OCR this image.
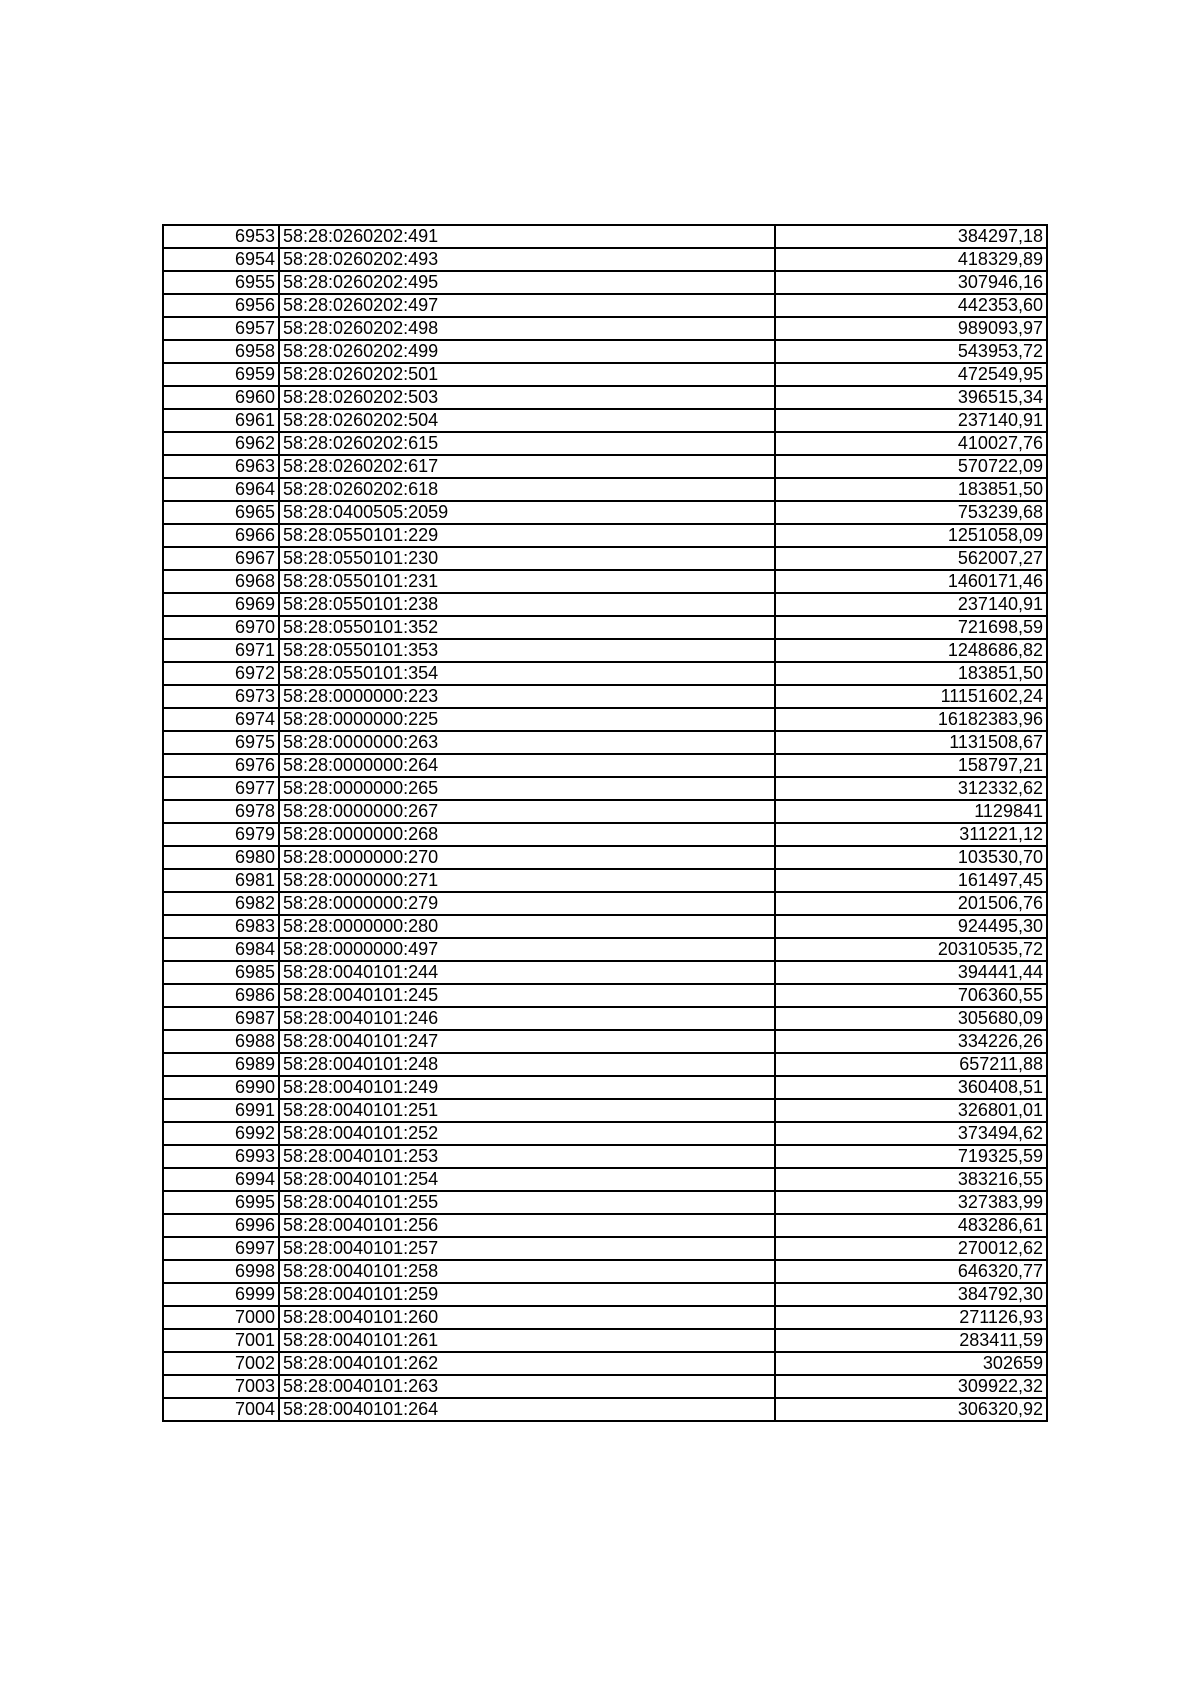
6953	58:28:0260202:491	384297,18
6954	58:28:0260202:493	418329,89
6955	58:28:0260202:495	307946,16
6956	58:28:0260202:497	442353,60
6957	58:28:0260202:498	989093,97
6958	58:28:0260202:499	543953,72
6959	58:28:0260202:501	472549,95
6960	58:28:0260202:503	396515,34
6961	58:28:0260202:504	237140,91
6962	58:28:0260202:615	410027,76
6963	58:28:0260202:617	570722,09
6964	58:28:0260202:618	183851,50
6965	58:28:0400505:2059	753239,68
6966	58:28:0550101:229	1251058,09
6967	58:28:0550101:230	562007,27
6968	58:28:0550101:231	1460171,46
6969	58:28:0550101:238	237140,91
6970	58:28:0550101:352	721698,59
6971	58:28:0550101:353	1248686,82
6972	58:28:0550101:354	183851,50
6973	58:28:0000000:223	11151602,24
6974	58:28:0000000:225	16182383,96
6975	58:28:0000000:263	1131508,67
6976	58:28:0000000:264	158797,21
6977	58:28:0000000:265	312332,62
6978	58:28:0000000:267	1129841
6979	58:28:0000000:268	311221,12
6980	58:28:0000000:270	103530,70
6981	58:28:0000000:271	161497,45
6982	58:28:0000000:279	201506,76
6983	58:28:0000000:280	924495,30
6984	58:28:0000000:497	20310535,72
6985	58:28:0040101:244	394441,44
6986	58:28:0040101:245	706360,55
6987	58:28:0040101:246	305680,09
6988	58:28:0040101:247	334226,26
6989	58:28:0040101:248	657211,88
6990	58:28:0040101:249	360408,51
6991	58:28:0040101:251	326801,01
6992	58:28:0040101:252	373494,62
6993	58:28:0040101:253	719325,59
6994	58:28:0040101:254	383216,55
6995	58:28:0040101:255	327383,99
6996	58:28:0040101:256	483286,61
6997	58:28:0040101:257	270012,62
6998	58:28:0040101:258	646320,77
6999	58:28:0040101:259	384792,30
7000	58:28:0040101:260	271126,93
7001	58:28:0040101:261	283411,59
7002	58:28:0040101:262	302659
7003	58:28:0040101:263	309922,32
7004	58:28:0040101:264	306320,92
